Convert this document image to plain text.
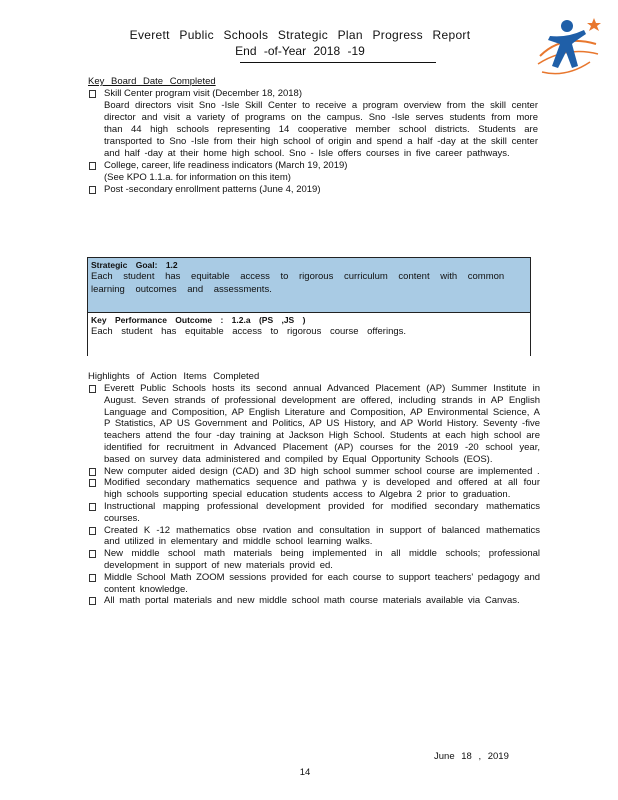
Everett Public Schools Strategic Plan Progress Report
End -of-Year 2018 -19
Key Board Date Completed
Skill Center program visit (December 18, 2018)
Board directors visit Sno -Isle Skill Center to receive a program overview from the skill center director and visit a variety of programs on the campus. Sno -Isle serves students from more than 44 high schools representing 14 cooperative member school districts. Students are transported to Sno -Isle from their high school of origin and spend a half -day at the skill center and half -day at their home high school. Sno - Isle offers courses in five career pathways.
College, career, life readiness indicators (March 19, 2019)
(See KPO 1.1.a. for information on this item)
Post -secondary enrollment patterns (June 4, 2019)
Strategic Goal: 1.2
Each student has equitable access to rigorous curriculum content with common learning outcomes and assessments.
Key Performance Outcome : 1.2.a (PS ,JS )
Each student has equitable access to rigorous course offerings.
Highlights of Action Items Completed
Everett Public Schools hosts its second annual Advanced Placement (AP) Summer Institute in August. Seven strands of professional development are offered, including strands in AP English Language and Composition, AP English Literature and Composition, AP Environmental Science, A P Statistics, AP US Government and Politics, AP US History, and AP World History. Seventy -five teachers attend the four -day training at Jackson High School. Students at each high school are identified for recruitment in Advanced Placement (AP) courses for the 2019 -20 school year, based on survey data administered and compiled by Equal Opportunity Schools (EOS).
New computer aided design (CAD) and 3D high school summer school course are implemented .
Modified secondary mathematics sequence and pathwa y is developed and offered at all four high schools supporting special education students access to Algebra 2 prior to graduation.
Instructional mapping professional development provided for modified secondary mathematics courses.
Created K -12 mathematics obse rvation and consultation in support of balanced mathematics and utilized in elementary and middle school learning walks.
New middle school math materials being implemented in all middle schools; professional development in support of new materials provid ed.
Middle School Math ZOOM sessions provided for each course to support teachers' pedagogy and content knowledge.
All math portal materials and new middle school math course materials available via Canvas.
June 18 , 2019
14
